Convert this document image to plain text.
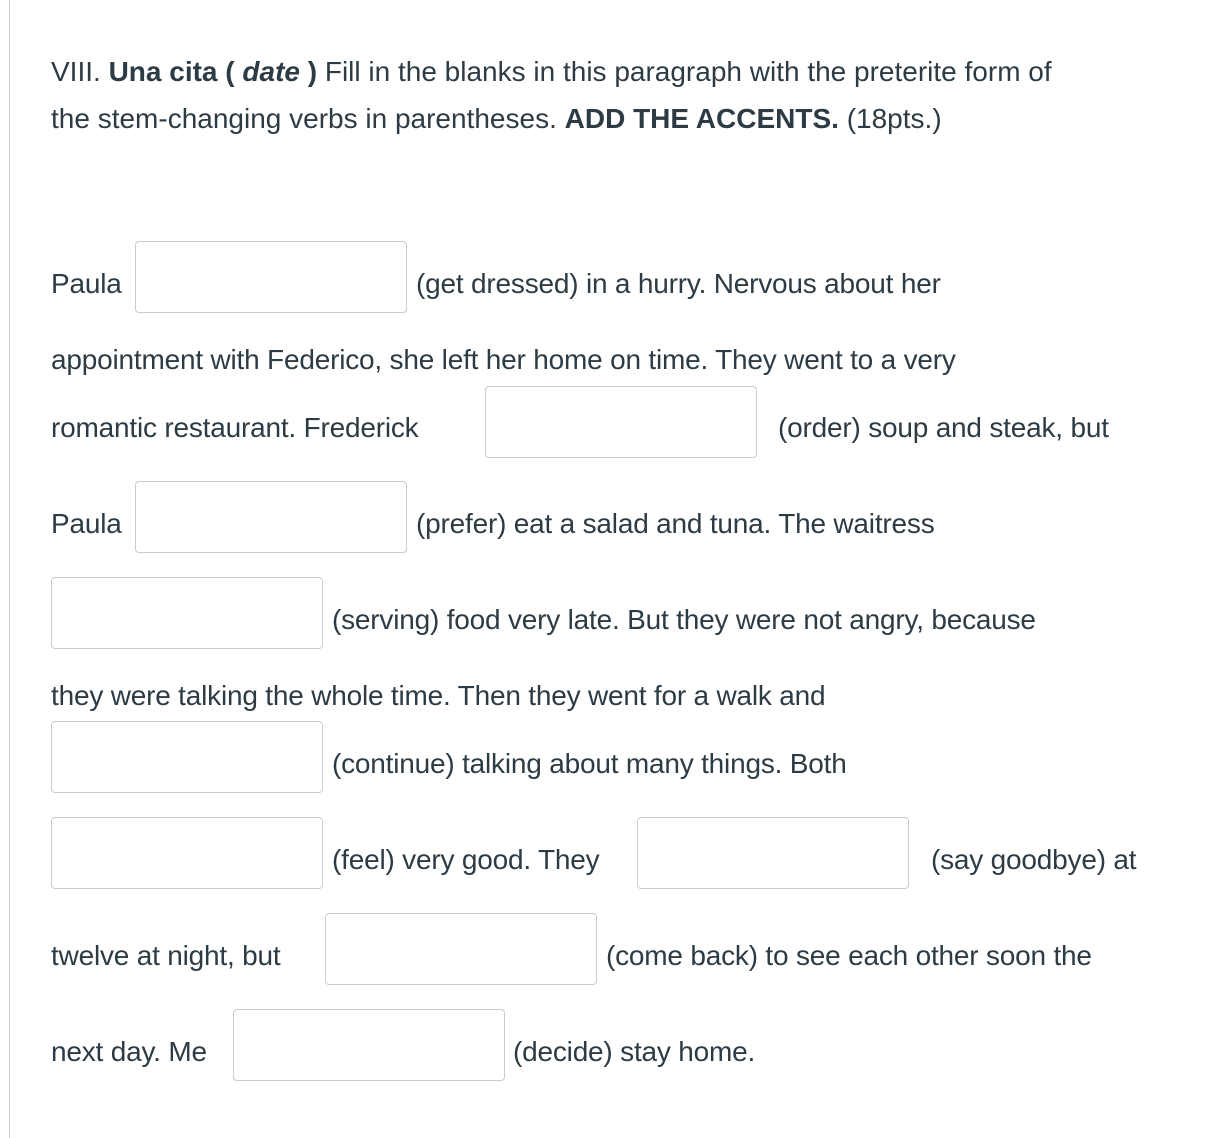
VIII. Una cita ( date ) Fill in the blanks in this paragraph with the preterite form of
the stem-changing verbs in parentheses. ADD THE ACCENTS. (18pts.)
Paula	(get dressed) in a hurry. Nervous about her
appointment with Federico, she left her home on time. They went to a very
romantic restaurant. Frederick	(order) soup and steak, but
Paula	(prefer) eat a salad and tuna. The waitress
(serving) food very late. But they were not angry, because
they were talking the whole time. Then they went for a walk and
(continue) talking about many things. Both
(feel) very good. They	(say goodbye) at
twelve at night, but	(come back) to see each other soon the
next day. Me	(decide) stay home.
